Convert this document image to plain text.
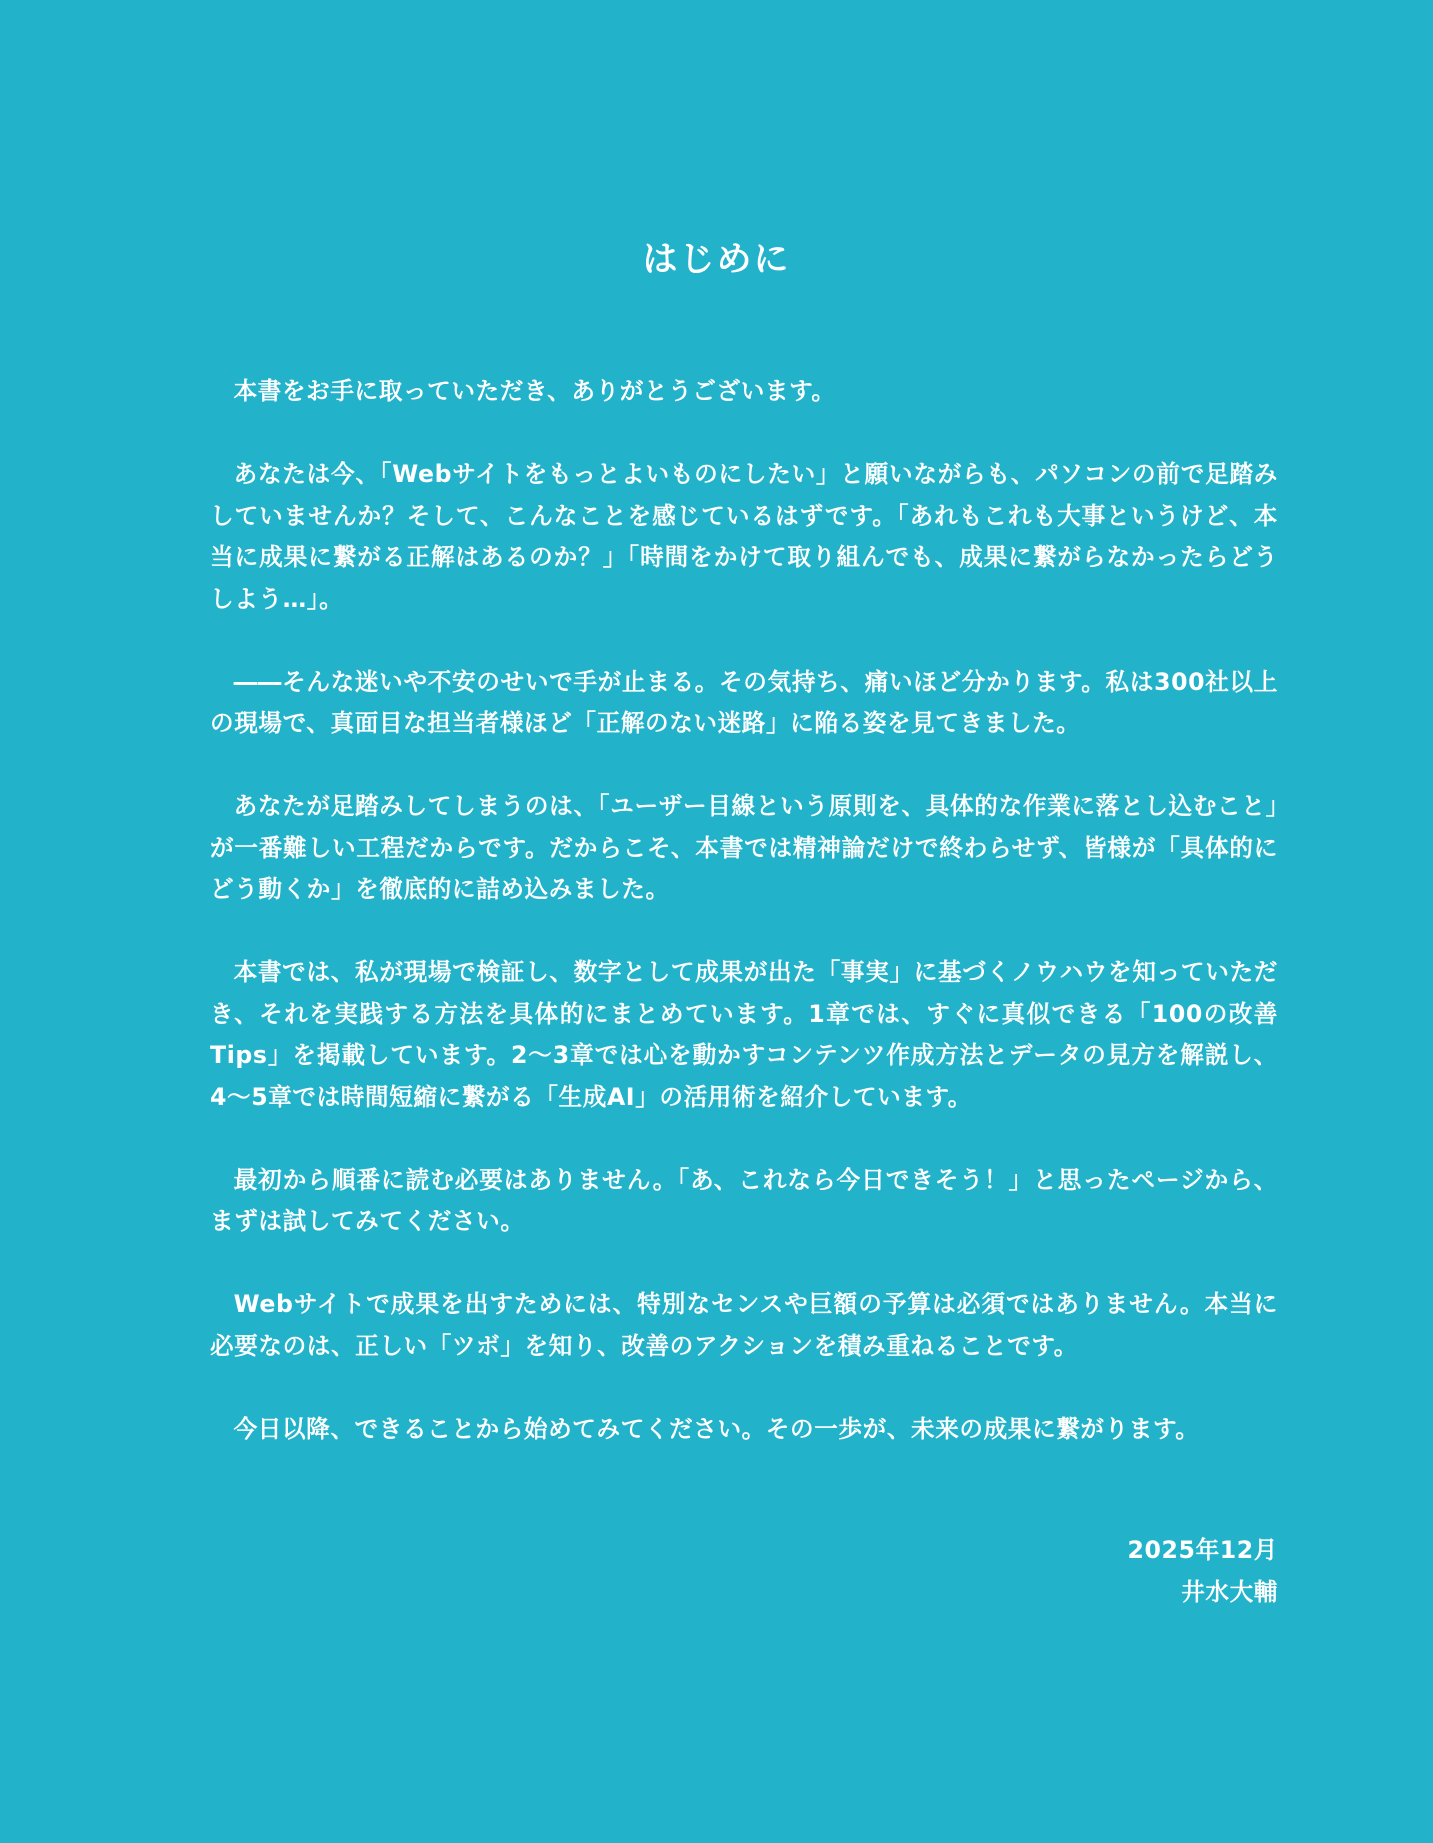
はじめに

本書をお手に取っていただき、ありがとうございます。

あなたは今、「Webサイトをもっとよいものにしたい」と願いながらも、パソコンの前で足踏みしていませんか？そして、こんなことを感じているはずです。「あれもこれも大事というけど、本当に成果に繋がる正解はあるのか？」「時間をかけて取り組んでも、成果に繋がらなかったらどうしよう…」。

――そんな迷いや不安のせいで手が止まる。その気持ち、痛いほど分かります。私は300社以上の現場で、真面目な担当者様ほど「正解のない迷路」に陥る姿を見てきました。

あなたが足踏みしてしまうのは、「ユーザー目線という原則を、具体的な作業に落とし込むこと」が一番難しい工程だからです。だからこそ、本書では精神論だけで終わらせず、皆様が「具体的にどう動くか」を徹底的に詰め込みました。

本書では、私が現場で検証し、数字として成果が出た「事実」に基づくノウハウを知っていただき、それを実践する方法を具体的にまとめています。1章では、すぐに真似できる「100の改善Tips」を掲載しています。2～3章では心を動かすコンテンツ作成方法とデータの見方を解説し、4～5章では時間短縮に繋がる「生成AI」の活用術を紹介しています。

最初から順番に読む必要はありません。「あ、これなら今日できそう！」と思ったページから、まずは試してみてください。

Webサイトで成果を出すためには、特別なセンスや巨額の予算は必須ではありません。本当に必要なのは、正しい「ツボ」を知り、改善のアクションを積み重ねることです。

今日以降、できることから始めてみてください。その一歩が、未来の成果に繋がります。

2025年12月
井水大輔
